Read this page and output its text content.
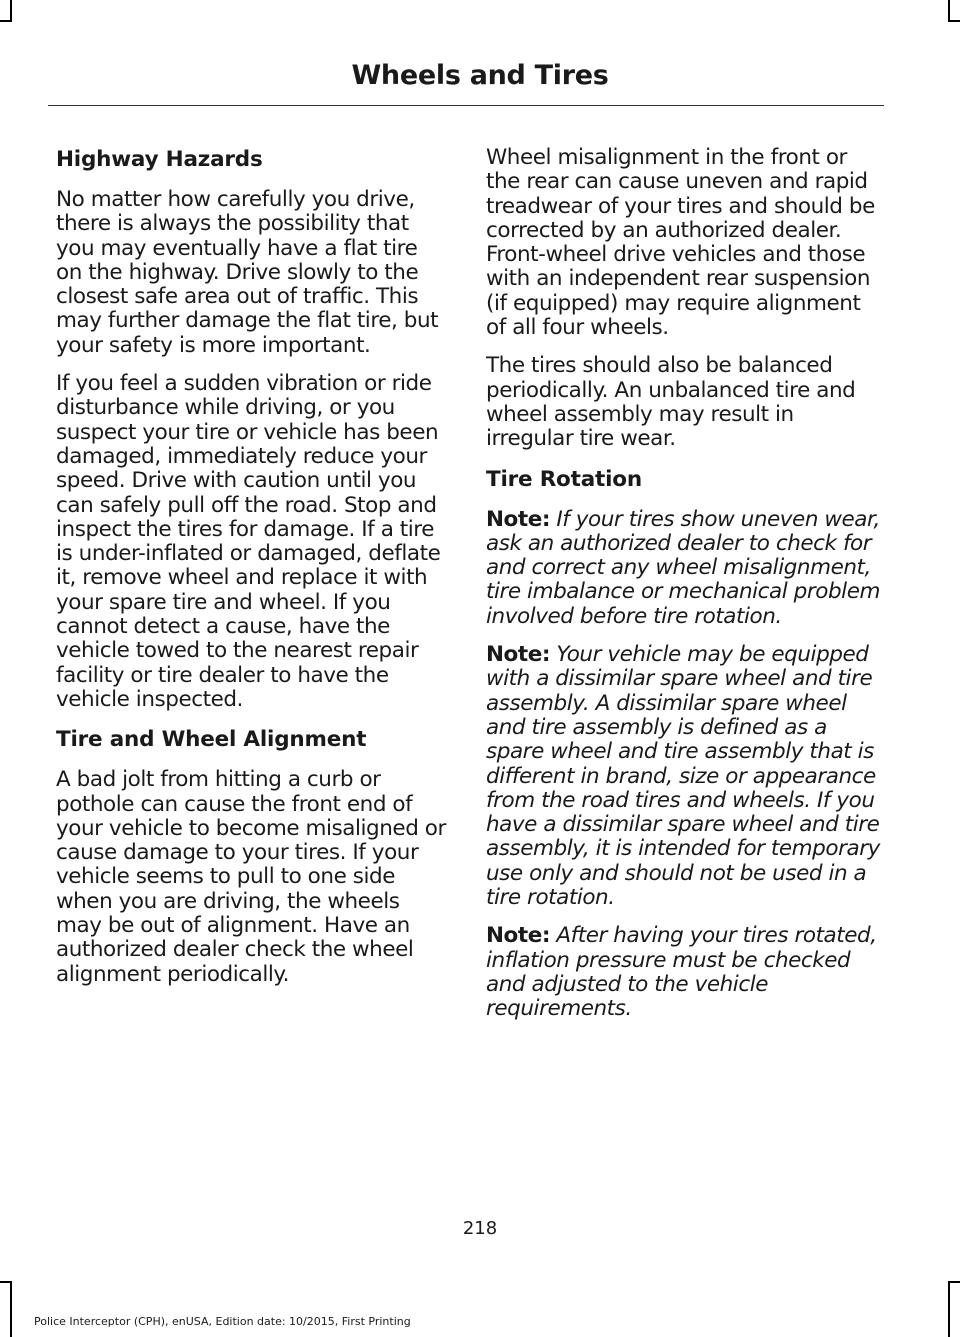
Wheels and Tires
Highway Hazards

No matter how carefully you drive, there is always the possibility that you may eventually have a flat tire on the highway. Drive slowly to the closest safe area out of traffic. This may further damage the flat tire, but your safety is more important.

If you feel a sudden vibration or ride disturbance while driving, or you suspect your tire or vehicle has been damaged, immediately reduce your speed. Drive with caution until you can safely pull off the road. Stop and inspect the tires for damage. If a tire is under-inflated or damaged, deflate it, remove wheel and replace it with your spare tire and wheel. If you cannot detect a cause, have the vehicle towed to the nearest repair facility or tire dealer to have the vehicle inspected.

Tire and Wheel Alignment

A bad jolt from hitting a curb or pothole can cause the front end of your vehicle to become misaligned or cause damage to your tires. If your vehicle seems to pull to one side when you are driving, the wheels may be out of alignment. Have an authorized dealer check the wheel alignment periodically.

Wheel misalignment in the front or the rear can cause uneven and rapid treadwear of your tires and should be corrected by an authorized dealer. Front-wheel drive vehicles and those with an independent rear suspension (if equipped) may require alignment of all four wheels.

The tires should also be balanced periodically. An unbalanced tire and wheel assembly may result in irregular tire wear.

Tire Rotation

Note: If your tires show uneven wear, ask an authorized dealer to check for and correct any wheel misalignment, tire imbalance or mechanical problem involved before tire rotation.

Note: Your vehicle may be equipped with a dissimilar spare wheel and tire assembly. A dissimilar spare wheel and tire assembly is defined as a spare wheel and tire assembly that is different in brand, size or appearance from the road tires and wheels. If you have a dissimilar spare wheel and tire assembly, it is intended for temporary use only and should not be used in a tire rotation.

Note: After having your tires rotated, inflation pressure must be checked and adjusted to the vehicle requirements.

218
Police Interceptor (CPH), enUSA, Edition date: 10/2015, First Printing
